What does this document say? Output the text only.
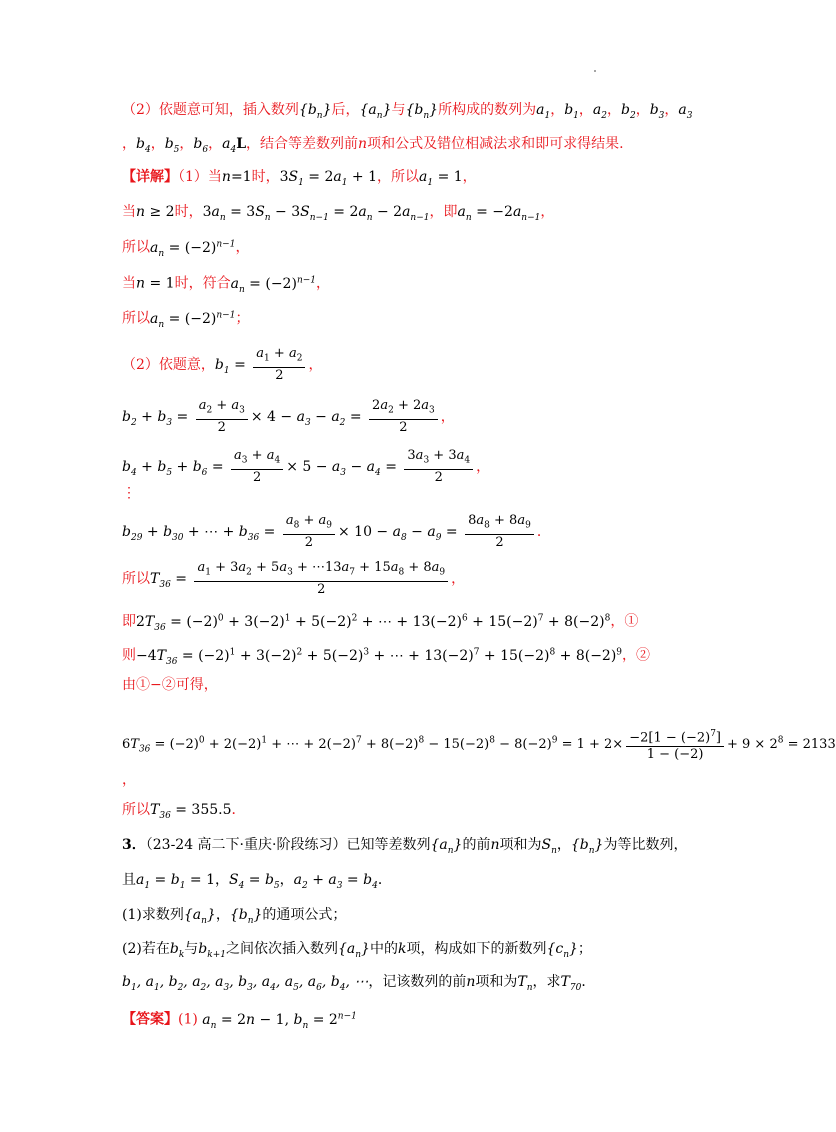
（2）依题意可知，插入数列$\{b_n\}$后，$\{a_n\}$与$\{b_n\}$所构成的数列为$a_1$，$b_1$，$a_2$，$b_2$，$b_3$，$a_3$
，$b_4$，$b_5$，$b_6$，$a_4L$，结合等差数列前n项和公式及错位相减法求和即可求得结果.
【详解】（1）当n=1时，$3S_1 = 2a_1 + 1$，所以$a_1 = 1$，
当n ≥ 2时，$3a_n = 3S_n - 3S_{n-1} = 2a_n - 2a_{n-1}$，即$a_n = -2a_{n-1}$，
所以$a_n = (-2)^{n-1}$，
当n = 1时，符合$a_n = (-2)^{n-1}$，
所以$a_n = (-2)^{n-1}$；
（2）依题意，$b_1 = \frac{a_1 + a_2}{2}$ ，
$b_2 + b_3 = \frac{a_2 + a_3}{2} \times 4 - a_3 - a_2 = \frac{2a_2 + 2a_3}{2}$ ，
$b_4 + b_5 + b_6 = \frac{a_3 + a_4}{2} \times 5 - a_3 - a_4 = \frac{3a_3 + 3a_4}{2}$ ，
⋮
$b_{29} + b_{30}$ + ⋯ + $b_{36} = \frac{a_8 + a_9}{2} \times 10 - a_8 - a_9 = \frac{8a_8 + 8a_9}{2}$ ．
所以$T_{36} = \frac{a_1 + 3a_2 + 5a_3 + \cdots 13a_7 + 15a_8 + 8a_9}{2}$ ，
即$2T_{36} = (-2)^0 + 3(-2)^1 + 5(-2)^2$ + ⋯ + $13(-2)^6 + 15(-2)^7 + 8(-2)^8$，①
则$-4T_{36} = (-2)^1 + 3(-2)^2 + 5(-2)^3$ + ⋯ + $13(-2)^7 + 15(-2)^8 + 8(-2)^9$，②
由①−②可得，
$6T_{36} = (-2)^0 + 2(-2)^1$ + ⋯ + $2(-2)^7 + 8(-2)^8 - 15(-2)^8 - 8(-2)^9 = 1 + 2\times \frac{-2[1 - (-2)^7]}{1 - (-2)} + 9 \times 2^8 = 2133$
，
所以$T_{36} = 355.5$．
3．（23-24 高二下·重庆·阶段练习）已知等差数列$\{a_n\}$的前n项和为$S_n$，$\{b_n\}$为等比数列，
且$a_1 = b_1 = 1$，$S_4 = b_5$，$a_2 + a_3 = b_4$．
(1)求数列$\{a_n\}$，$\{b_n\}$的通项公式；
(2)若在$b_k$与$b_{k+1}$之间依次插入数列$\{a_n\}$中的k项，构成如下的新数列$\{c_n\}$；
$b_1$, $a_1$, $b_2$, $a_2$, $a_3$, $b_3$, $a_4$, $a_5$, $a_6$, $b_4$, ⋯，记该数列的前n项和为$T_n$，求$T_{70}$．
【答案】(1) $a_n = 2n - 1$, $b_n = 2^{n-1}$
